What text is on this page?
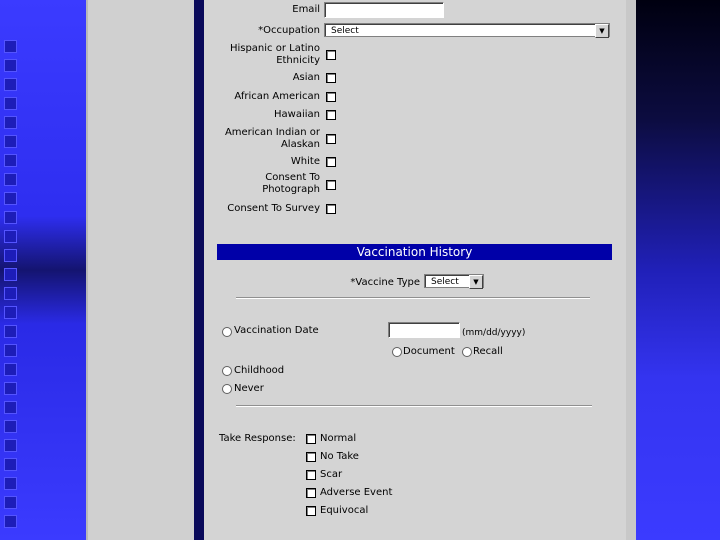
Email
*Occupation	Select	▼
Hispanic or Latino
Ethnicity
Asian
African American
Hawaiian
American Indian or
Alaskan
White
Consent To
Photograph
Consent To Survey
Vaccination History
*Vaccine Type	Select	▼
Vaccination Date	(mm/dd/yyyy)
Document Recall
Childhood
Never
Take Response: Normal
No Take
Scar
Adverse Event
Equivocal
